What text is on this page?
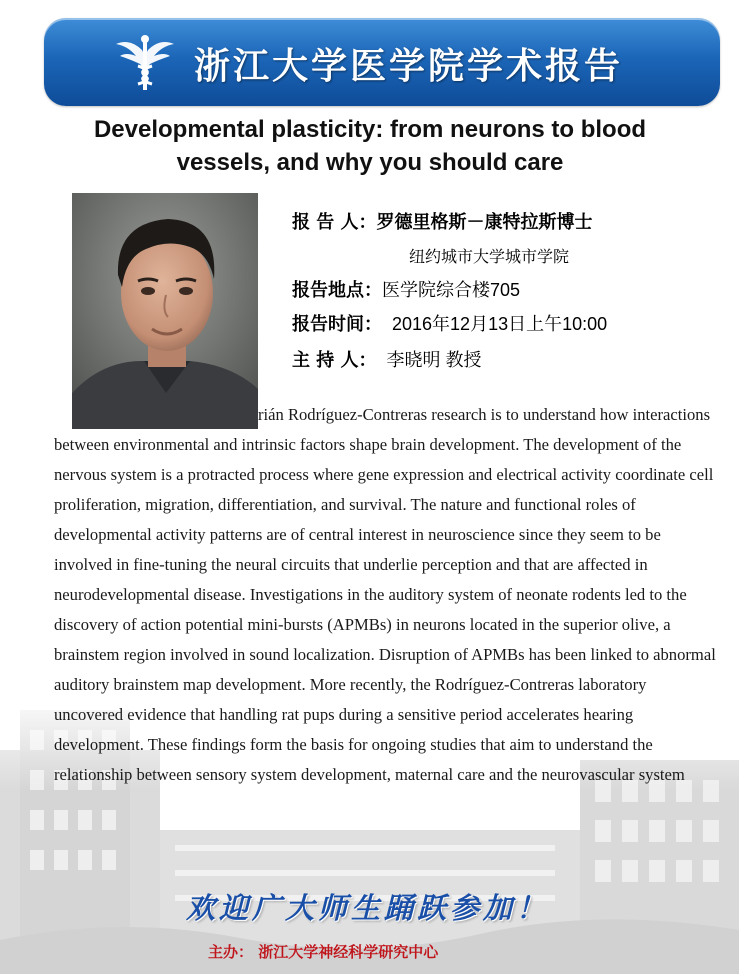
浙江大学医学院学术报告
Developmental plasticity: from neurons to blood
vessels, and why you should care
报 告 人：罗德里格斯－康特拉斯博士
纽约城市大学城市学院
报告地点：医学院综合楼705
报告时间： 2016年12月13日上午10:00
主 持 人： 李晓明 教授

rián Rodríguez-Contreras research is to understand how interactions between environmental and intrinsic factors shape brain development. The development of the nervous system is a protracted process where gene expression and electrical activity coordinate cell proliferation, migration, differentiation, and survival. The nature and functional roles of developmental activity patterns are of central interest in neuroscience since they seem to be involved in fine-tuning the neural circuits that underlie perception and that are affected in neurodevelopmental disease. Investigations in the auditory system of neonate rodents led to the discovery of action potential mini-bursts (APMBs) in neurons located in the superior olive, a brainstem region involved in sound localization. Disruption of APMBs has been linked to abnormal auditory brainstem map development. More recently, the Rodríguez-Contreras laboratory uncovered evidence that handling rat pups during a sensitive period accelerates hearing development. These findings form the basis for ongoing studies that aim to understand the relationship between sensory system development, maternal care and the neurovascular system

欢迎广大师生踊跃参加！

主办： 浙江大学神经科学研究中心
